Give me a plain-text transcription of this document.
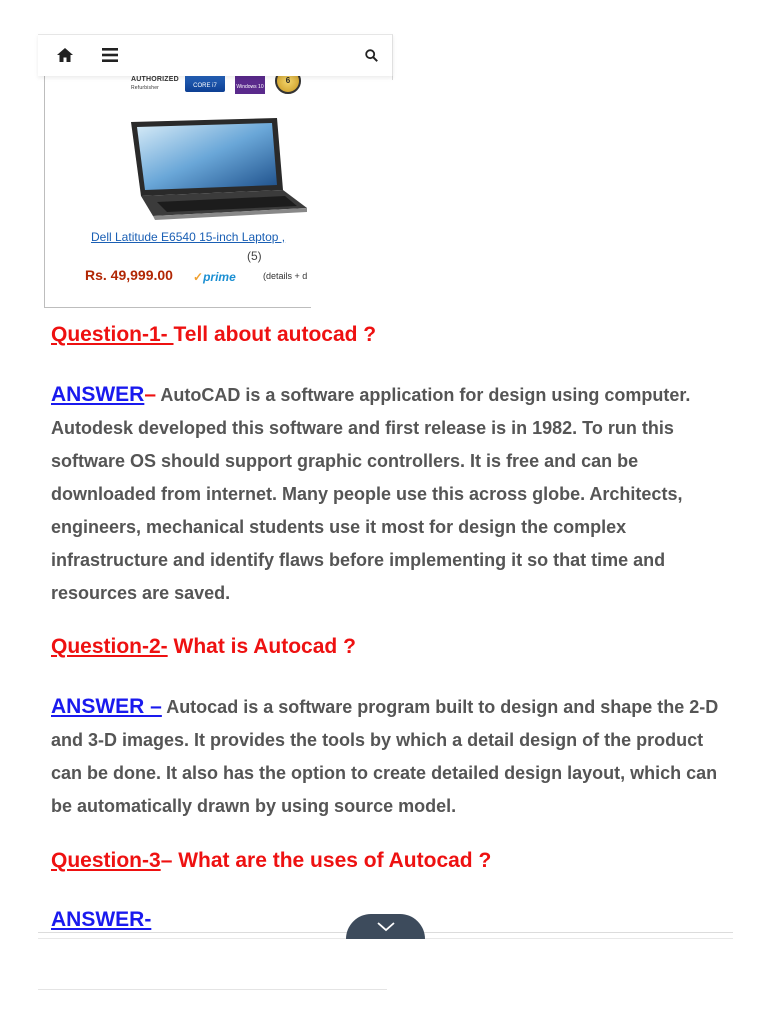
AUTHORIZED
Refurbisher	CORE i7	Windows 10
6
Dell Latitude E6540 15-inch Laptop ,
(5)
Rs. 49,999.00 ✓prime	(details + d
Question-1- Tell about autocad ?
ANSWER– AutoCAD is a software application for design using computer. Autodesk developed this software and first release is in 1982. To run this software OS should support graphic controllers. It is free and can be downloaded from internet. Many people use this across globe. Architects, engineers, mechanical students use it most for design the complex infrastructure and identify flaws before implementing it so that time and resources are saved.
Question-2- What is Autocad ?
ANSWER – Autocad is a software program built to design and shape the 2-D and 3-D images. It provides the tools by which a detail design of the product can be done. It also has the option to create detailed design layout, which can be automatically drawn by using source model.
Question-3– What are the uses of Autocad ?
ANSWER-
